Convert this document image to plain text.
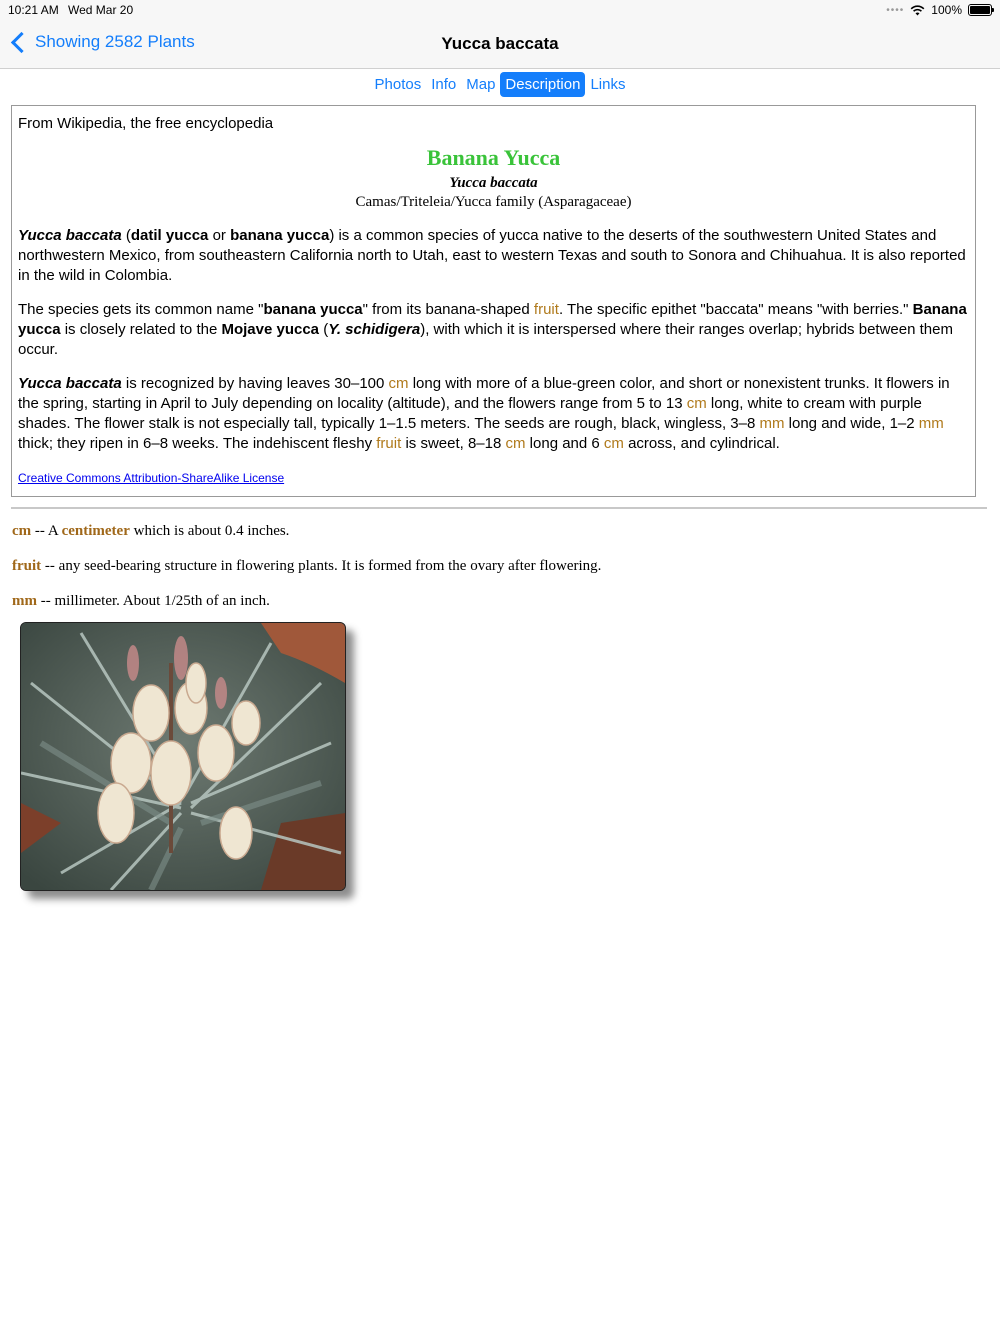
10:21 AM Wed Mar 20	•••• 100%
Showing 2582 Plants	Yucca baccata
Photos Info Map Description Links
From Wikipedia, the free encyclopedia
Banana Yucca
Yucca baccata
Camas/Triteleia/Yucca family (Asparagaceae)

Yucca baccata (datil yucca or banana yucca) is a common species of yucca native to the deserts of the southwestern United States and northwestern Mexico, from southeastern California north to Utah, east to western Texas and south to Sonora and Chihuahua. It is also reported in the wild in Colombia.

The species gets its common name "banana yucca" from its banana-shaped fruit. The specific epithet "baccata" means "with berries." Banana yucca is closely related to the Mojave yucca (Y. schidigera), with which it is interspersed where their ranges overlap; hybrids between them occur.

Yucca baccata is recognized by having leaves 30–100 cm long with more of a blue-green color, and short or nonexistent trunks. It flowers in the spring, starting in April to July depending on locality (altitude), and the flowers range from 5 to 13 cm long, white to cream with purple shades. The flower stalk is not especially tall, typically 1–1.5 meters. The seeds are rough, black, wingless, 3–8 mm long and wide, 1–2 mm thick; they ripen in 6–8 weeks. The indehiscent fleshy fruit is sweet, 8–18 cm long and 6 cm across, and cylindrical.

Creative Commons Attribution-ShareAlike License
cm -- A centimeter which is about 0.4 inches.
fruit -- any seed-bearing structure in flowering plants. It is formed from the ovary after flowering.
mm -- millimeter. About 1/25th of an inch.
